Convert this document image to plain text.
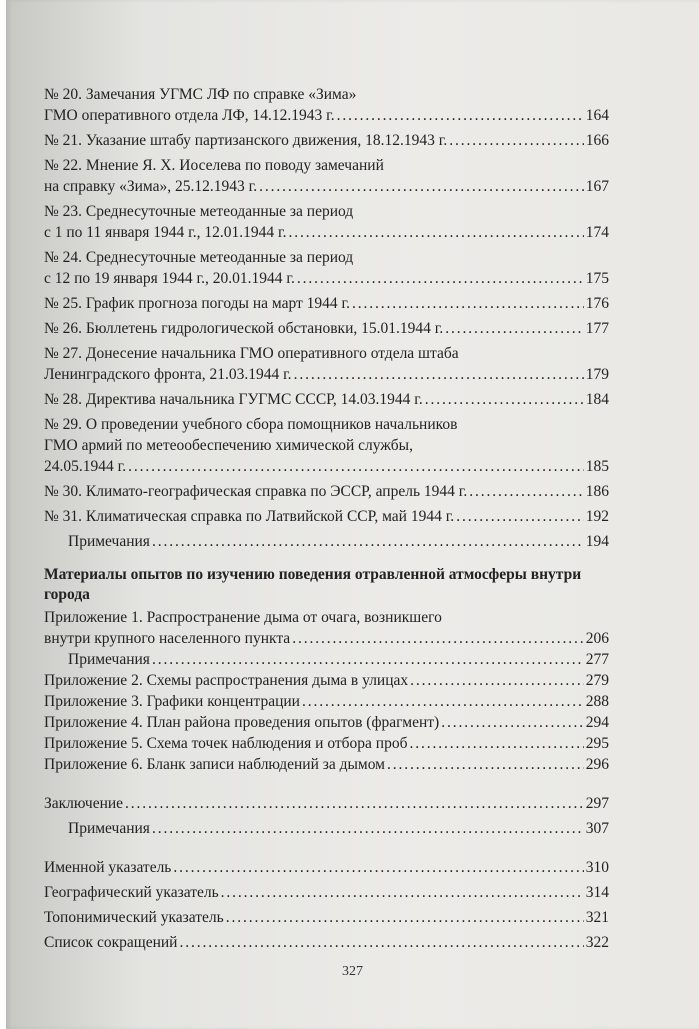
№ 20. Замечания УГМС ЛФ по справке «Зима»
ГМО оперативного отдела ЛФ, 14.12.1943 г. . . .	164
№ 21. Указание штабу партизанского движения, 18.12.1943 г. . . .	166
№ 22. Мнение Я. Х. Иоселева по поводу замечаний
на справку «Зима», 25.12.1943 г. . . .	167
№ 23. Среднесуточные метеоданные за период
с 1 по 11 января 1944 г., 12.01.1944 г. . . .	174
№ 24. Среднесуточные метеоданные за период
с 12 по 19 января 1944 г., 20.01.1944 г. . . .	175
№ 25. График прогноза погоды на март 1944 г. . . .	176
№ 26. Бюллетень гидрологической обстановки, 15.01.1944 г. . . .	177
№ 27. Донесение начальника ГМО оперативного отдела штаба
Ленинградского фронта, 21.03.1944 г. . . .	179
№ 28. Директива начальника ГУГМС СССР, 14.03.1944 г. . . .	184
№ 29. О проведении учебного сбора помощников начальников
ГМО армий по метеообеспечению химической службы,
24.05.1944 г. . . .	185
№ 30. Климато-географическая справка по ЭССР, апрель 1944 г. . . .	186
№ 31. Климатическая справка по Латвийской ССР, май 1944 г. . . .	192
Примечания . . .	194
Материалы опытов по изучению поведения отравленной атмосферы внутри города
Приложение 1. Распространение дыма от очага, возникшего
внутри крупного населенного пункта . . .	206
Примечания . . .	277
Приложение 2. Схемы распространения дыма в улицах . . .	279
Приложение 3. Графики концентрации . . .	288
Приложение 4. План района проведения опытов (фрагмент) . . .	294
Приложение 5. Схема точек наблюдения и отбора проб . . .	295
Приложение 6. Бланк записи наблюдений за дымом . . .	296
Заключение . . .	297
Примечания . . .	307
Именной указатель . . .	310
Географический указатель . . .	314
Топонимический указатель . . .	321
Список сокращений . . .	322
327
